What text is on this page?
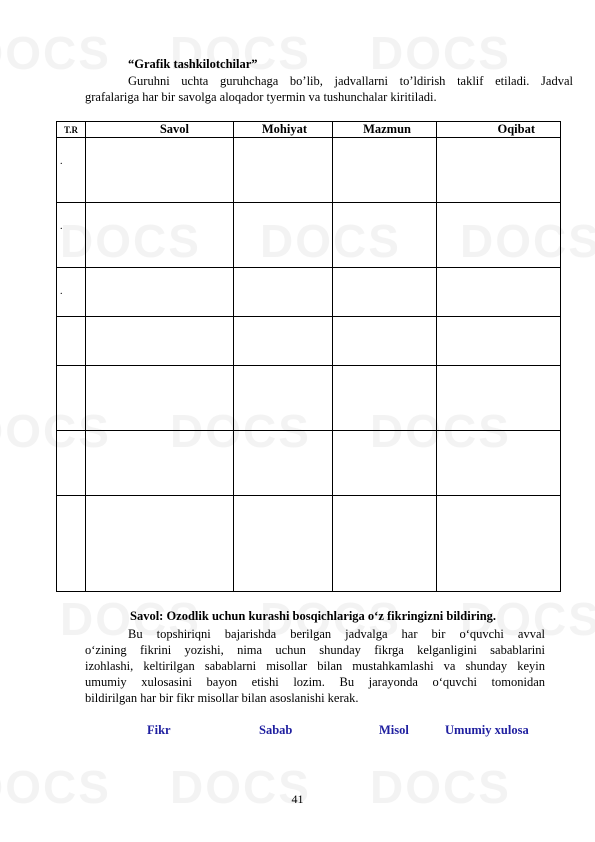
“Grafik tashkilotchilar”
Guruhni uchta guruhchaga bo’lib, jadvallarni to’ldirish taklif etiladi. Jadval
grafalariga har bir savolga aloqador tyermin va tushunchalar kiritiladi.
T.R	Savol	Mohiyat	Mazmun	Oqibat
.				
.				
.				

Savol: Ozodlik uchun kurashi bosqichlariga o‘z fikringizni bildiring.
Bu topshiriqni bajarishda berilgan jadvalga har bir o‘quvchi avval
o‘zining fikrini yozishi, nima uchun shunday fikrga kelganligini sabablarini
izohlashi, keltirilgan sabablarni misollar bilan mustahkamlashi va shunday keyin
umumiy xulosasini bayon etishi lozim. Bu jarayonda o‘quvchi tomonidan
bildirilgan har bir fikr misollar bilan asoslanishi kerak.
Fikr	Sabab	Misol	Umumiy xulosa
41
